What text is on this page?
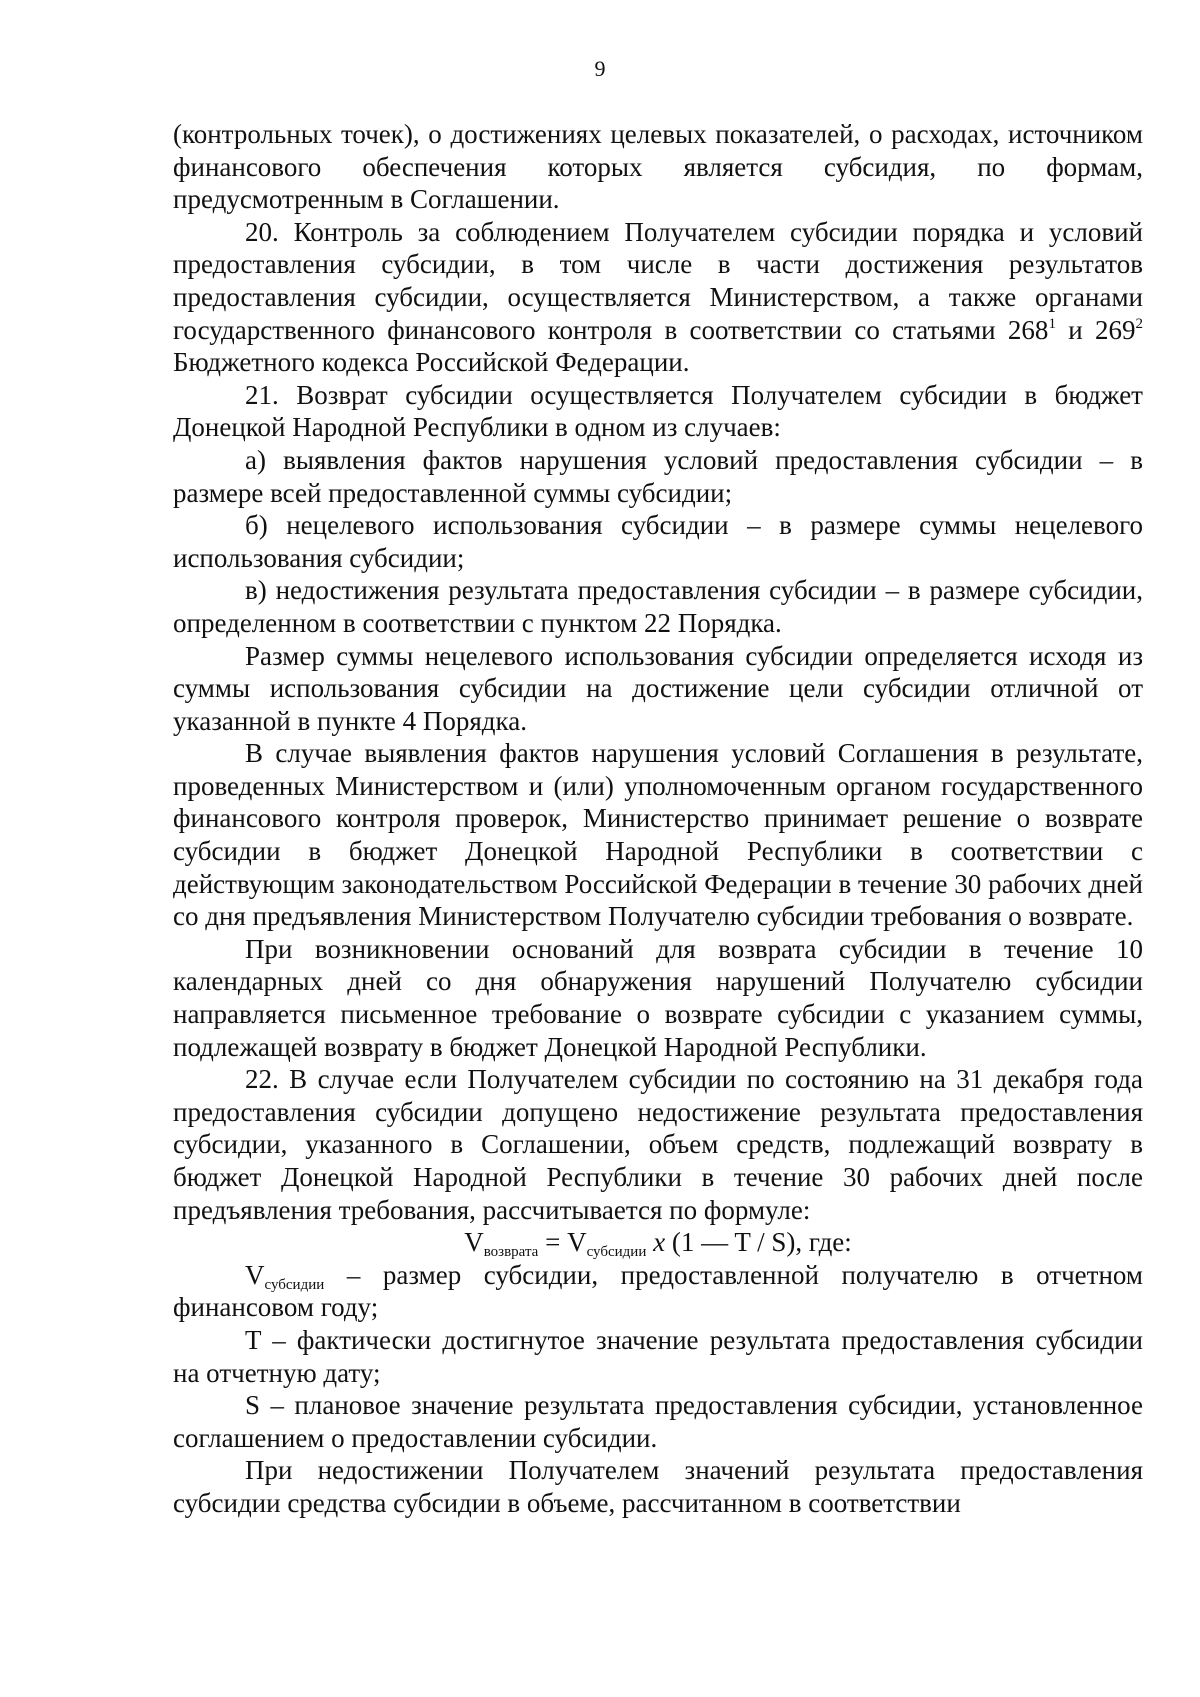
9

(контрольных точек), о достижениях целевых показателей, о расходах, источником финансового обеспечения которых является субсидия, по формам, предусмотренным в Соглашении.

20. Контроль за соблюдением Получателем субсидии порядка и условий предоставления субсидии, в том числе в части достижения результатов предоставления субсидии, осуществляется Министерством, а также органами государственного финансового контроля в соответствии со статьями $268^1$ и $269^2$ Бюджетного кодекса Российской Федерации.

21. Возврат субсидии осуществляется Получателем субсидии в бюджет Донецкой Народной Республики в одном из случаев:

а) выявления фактов нарушения условий предоставления субсидии – в размере всей предоставленной суммы субсидии;

б) нецелевого использования субсидии – в размере суммы нецелевого использования субсидии;

в) недостижения результата предоставления субсидии – в размере субсидии, определенном в соответствии с пунктом 22 Порядка.

Размер суммы нецелевого использования субсидии определяется исходя из суммы использования субсидии на достижение цели субсидии отличной от указанной в пункте 4 Порядка.

В случае выявления фактов нарушения условий Соглашения в результате, проведенных Министерством и (или) уполномоченным органом государственного финансового контроля проверок, Министерство принимает решение о возврате субсидии в бюджет Донецкой Народной Республики в соответствии с действующим законодательством Российской Федерации в течение 30 рабочих дней со дня предъявления Министерством Получателю субсидии требования о возврате.

При возникновении оснований для возврата субсидии в течение 10 календарных дней со дня обнаружения нарушений Получателю субсидии направляется письменное требование о возврате субсидии с указанием суммы, подлежащей возврату в бюджет Донецкой Народной Республики.

22. В случае если Получателем субсидии по состоянию на 31 декабря года предоставления субсидии допущено недостижение результата предоставления субсидии, указанного в Соглашении, объем средств, подлежащий возврату в бюджет Донецкой Народной Республики в течение 30 рабочих дней после предъявления требования, рассчитывается по формуле:

$V_{возврата} = V_{субсидии}$ x (1 — T / S), где:

$V_{субсидии}$ – размер субсидии, предоставленной получателю в отчетном финансовом году;

T – фактически достигнутое значение результата предоставления субсидии на отчетную дату;

S – плановое значение результата предоставления субсидии, установленное соглашением о предоставлении субсидии.

При недостижении Получателем значений результата предоставления субсидии средства субсидии в объеме, рассчитанном в соответствии
